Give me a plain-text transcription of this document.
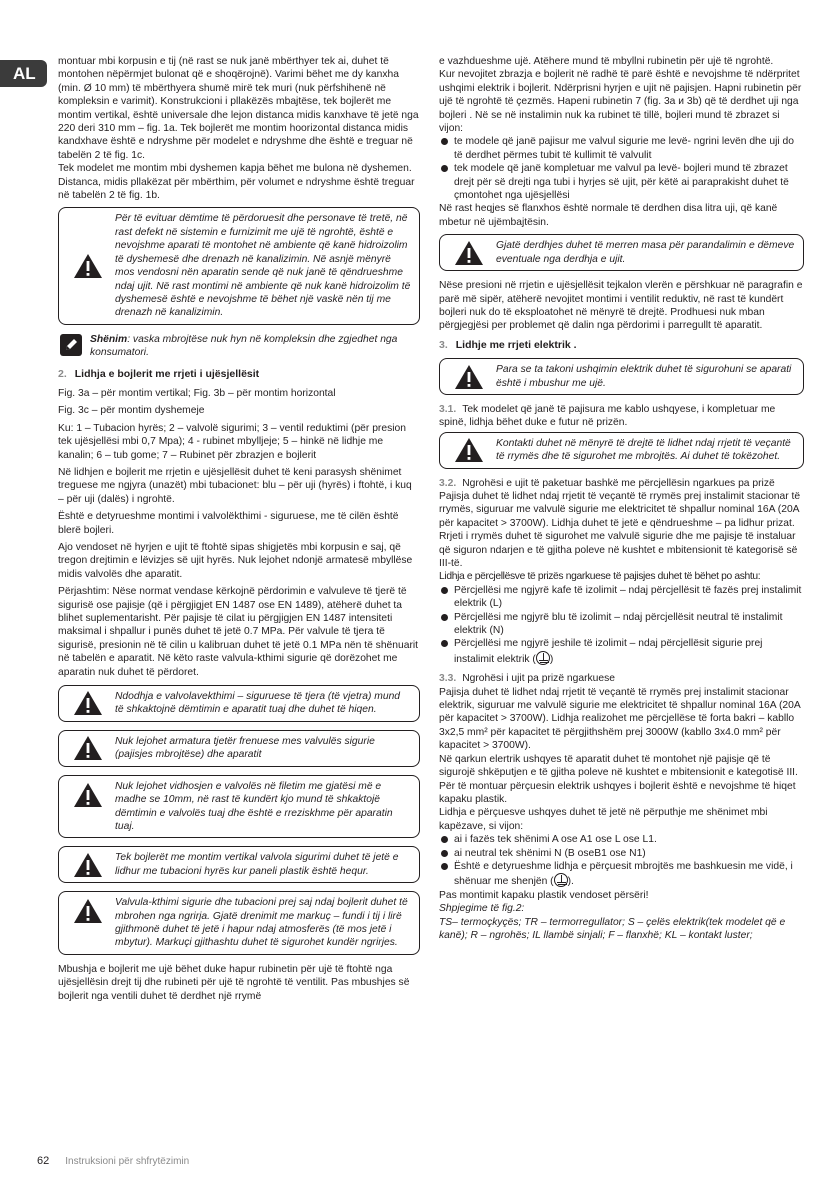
AL

montuar mbi korpusin e tij (në rast se nuk janë mbërthyer tek ai, duhet të montohen nëpërmjet bulonat që e shoqërojnë). Varimi bëhet me dy kanxha (min. Ø 10 mm) të mbërthyera shumë mirë tek muri (nuk përfshihenë në kompleksin e varimit). Konstrukcioni i pllakëzës mbajtëse, tek bojlerët me montim vertikal, është universale dhe lejon distanca midis kanxhave të jetë nga 220 deri 310 mm – fig. 1a. Tek bojlerët me montim hoorizontal distanca midis kandxhave është e ndryshme për modelet e ndryshme dhe është e treguar në tabelën 2 të fig. 1c.

Tek modelet me montim mbi dyshemen kapja bëhet me bulona në dyshemen.

Distanca, midis pllakëzat për mbërthim, për volumet e ndryshme është treguar në tabelën 2 të fig. 1b.

Për të evituar dëmtime të përdoruesit dhe personave të tretë, në rast defekt në sistemin e furnizimit me ujë të ngrohtë, është e nevojshme aparati të montohet në ambiente që kanë hidroizolim të dyshemesë dhe drenazh në kanalizimin. Në asnjë mënyrë mos vendosni nën aparatin sende që nuk janë të qëndrueshme ndaj ujit. Në rast montimi në ambiente që nuk kanë hidroizolim të dyshemesë është e nevojshme të bëhet një vaskë nën tij me drenazh në kanalizimin.
Shënim: vaska mbrojtëse nuk hyn në kompleksin dhe zgjedhet nga konsumatori.

2. Lidhja e bojlerit me rrjeti i ujësjellësit

Fig. 3a – për montim vertikal; Fig. 3b – për montim horizontal

Fig. 3c – për montim dyshemeje

Ku: 1 – Tubacion hyrës; 2 – valvolë sigurimi; 3 – ventil reduktimi (për presion tek ujësjellësi mbi 0,7 Mpa); 4 - rubinet mbylljeje; 5 – hinkë në lidhje me kanalin; 6 – tub gome; 7 – Rubinet për zbrazjen e bojlerit

Në lidhjen e bojlerit me rrjetin e ujësjellësit duhet të keni parasysh shënimet treguese me ngjyra (unazët) mbi tubacionet: blu – për uji (hyrës) i ftohtë, i kuq – për uji (dalës) i ngrohtë.

Është e detyrueshme montimi i valvolëkthimi - siguruese, me të cilën është blerë bojleri.

Ajo vendoset në hyrjen e ujit të ftohtë sipas shigjetës mbi korpusin e saj, që tregon drejtimin e lëvizjes së ujit hyrës. Nuk lejohet ndonjë armatesë mbyllëse midis valvolës dhe aparatit.

Përjashtim: Nëse normat vendase kërkojnë përdorimin e valvuleve të tjerë të sigurisë ose pajisje (që i përgjigjet EN 1487 ose EN 1489), atëherë duhet ta blihet suplementarisht. Për pajisje të cilat iu përgjigjen EN 1487 intensiteti maksimal i shpallur i punës duhet të jetë 0.7 MPa. Për valvule të tjera të sigurisë, presionin në të cilin u kalibruan duhet të jetë 0.1 MPa nën të shënuarit në tabelën e aparatit. Në këto raste valvula-kthimi sigurie që dorëzohet me aparatin nuk duhet të përdoret.

Ndodhja e valvolavekthimi – siguruese të tjera (të vjetra) mund të shkaktojnë dëmtimin e aparatit tuaj dhe duhet të hiqen.
Nuk lejohet armatura tjetër frenuese mes valvulës sigurie (pajisjes mbrojtëse) dhe aparatit
Nuk lejohet vidhosjen e valvolës në filetim me gjatësi më e madhe se 10mm, në rast të kundërt kjo mund të shkaktojë dëmtimin e valvolës tuaj dhe është e rreziskhme për aparatin tuaj.
Tek bojlerët me montim vertikal valvola sigurimi duhet të jetë e lidhur me tubacioni hyrës kur paneli plastik është hequr.
Valvula-kthimi sigurie dhe tubacioni prej saj ndaj bojlerit duhet të mbrohen nga ngrirja. Gjatë drenimit me markuç – fundi i tij i lirë gjithmonë duhet të jetë i hapur ndaj atmosferës (të mos jetë i mbytur). Markuçi gjithashtu duhet të sigurohet kundër ngrirjes.

Mbushja e bojlerit me ujë bëhet duke hapur rubinetin për ujë të ftohtë nga ujësjellësin drejt tij dhe rubineti për ujë të ngrohtë të ventilit. Pas mbushjes së bojlerit nga ventili duhet të derdhet një rrymë

e vazhdueshme ujë. Atëhere mund të mbyllni rubinetin për ujë të ngrohtë.

Kur nevojitet zbrazja e bojlerit në radhë të parë është e nevojshme të ndërpritet ushqimi elektrik i bojlerit. Ndërprisni hyrjen e ujit në pajisjen. Hapni rubinetin për ujë të ngrohtë të çezmës. Hapeni rubinetin 7 (fig. 3a и 3b) që të derdhet uji nga bojleri . Në se në instalimin nuk ka rubinet të tillë, bojleri mund të zbrazet si vijon:

te modele që janë pajisur me valvul sigurie me levë- ngrini levën dhe uji do të derdhet përmes tubit të kullimit të valvulit

tek modele që janë kompletuar me valvul pa levë- bojleri mund të zbrazet drejt për së drejti nga tubi i hyrjes së ujit, për këtë ai paraprakisht duhet të çmontohet nga ujësjellësi

Në rast heqjes së flanxhos është normale të derdhen disa litra uji, që kanë mbetur në ujëmbajtësin.

Gjatë derdhjes duhet të merren masa për parandalimin e dëmeve eventuale nga derdhja e ujit.

Nëse presioni në rrjetin e ujësjellësit tejkalon vlerën e përshkuar në paragrafin e parë më sipër, atëherë nevojitet montimi i ventilit reduktiv, në rast të kundërt bojleri nuk do të eksploatohet në mënyrë të drejtë. Prodhuesi nuk mban përgjegjësi per problemet që dalin nga përdorimi i parregullt të aparatit.

3. Lidhje me rrjeti elektrik .

Para se ta takoni ushqimin elektrik duhet të sigurohuni se aparati është i mbushur me ujë.

3.1. Tek modelet që janë të pajisura me kablo ushqyese, i kompletuar me spinë, lidhja bëhet duke e futur në prizën.

Kontakti duhet në mënyrë të drejtë të lidhet ndaj rrjetit të veçantë të rrymës dhe të sigurohet me mbrojtës. Ai duhet të tokëzohet.

3.2. Ngrohësi e ujit të paketuar bashkë me përcjellësin ngarkues pa prizë Pajisja duhet të lidhet ndaj rrjetit të veçantë të rrymës prej instalimit stacionar të rrymës, siguruar me valvulë sigurie me elektricitet të shpallur nominal 16A (20A për kapacitet > 3700W). Lidhja duhet të jetë e qëndrueshme – pa lidhur prizat. Rrjeti i rrymës duhet të sigurohet me valvulë sigurie dhe me pajisje të instaluar që siguron ndarjen e të gjitha poleve në kushtet e mbitensionit të kategorisë së III-të.

Lidhja e përcjellësve të prizës ngarkuese të pajisjes duhet të bëhet po ashtu:

Përcjellësi me ngjyrë kafe të izolimit – ndaj përcjellësit të fazës prej instalimit elektrik (L)

Përcjellësi me ngjyrë blu të izolimit – ndaj përcjellësit neutral të instalimit elektrik (N)

Përcjellësi me ngjyrë jeshile të izolimit – ndaj përcjellësit sigurie prej instalimit elektrik ( )

3.3. Ngrohësi i ujit pa prizë ngarkuese

Pajisja duhet të lidhet ndaj rrjetit të veçantë të rrymës prej instalimit stacionar elektrik, siguruar me valvulë sigurie me elektricitet të shpallur nominal 16A (20A për kapacitet > 3700W). Lidhja realizohet me përcjellëse të forta bakri – kabllo 3x2,5 mm² për kapacitet të përgjithshëm prej 3000W (kabllo 3x4.0 mm² për kapacitet > 3700W).

Në qarkun elertrik ushqyes të aparatit duhet të montohet një pajisje që të sigurojë shkëputjen e të gjitha poleve në kushtet e mbitensionit e kategotisë III.

Për të montuar përçuesin elektrik ushqyes i bojlerit është e nevojshme të hiqet kapaku plastik.

Lidhja e përçuesve ushqyes duhet të jetë në përputhje me shënimet mbi kapëzave, si vijon:

ai i fazës tek shënimi A ose A1 ose L ose L1.

ai neutral tek shënimi N (B oseB1 ose N1)

Është e detyrueshme lidhja e përçuesit mbrojtës me bashkuesin me vidë, i shënuar me shenjën ( ).

Pas montimit kapaku plastik vendoset përsëri!

Shpjegime të fig.2:

TS– termoçkyçës; TR – termorregullator; S – çelës elektrik(tek modelet që e kanë); R – ngrohës; IL llambë sinjali; F – flanxhë; KL – kontakt luster;

62 Instruksioni për shfrytëzimin
